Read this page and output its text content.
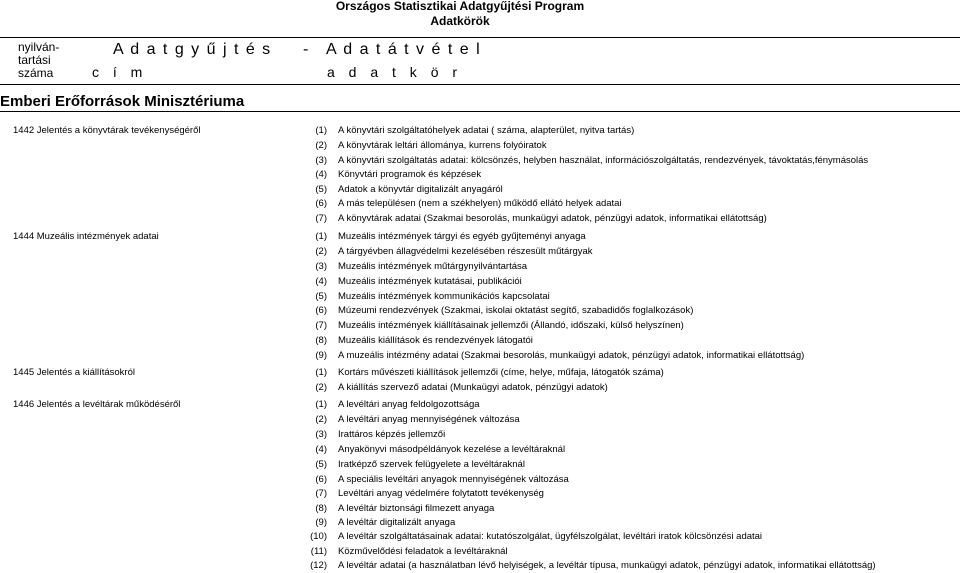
Országos Statisztikai Adatgyűjtési Program
Adatkörök
nyilván-
tartási
száma
A d a t g y ű j t é s - A d a t á t v é t e l
c í m	a d a t k ö r
Emberi Erőforrások Minisztériuma
1442 Jelentés a könyvtárak tevékenységéről	(1) A könyvtári szolgáltatóhelyek adatai ( száma, alapterület, nyitva tartás)
(2) A könyvtárak leltári állománya, kurrens folyóiratok
(3) A könyvtári szolgáltatás adatai: kölcsönzés, helyben használat, információszolgáltatás, rendezvények, távoktatás,fénymásolás
(4) Könyvtári programok és képzések
(5) Adatok a könyvtár digitalizált anyagáról
(6) A más településen (nem a székhelyen) működő ellátó helyek adatai
(7) A könyvtárak adatai (Szakmai besorolás, munkaügyi adatok, pénzügyi adatok, informatikai ellátottság)
1444 Muzeális intézmények adatai	(1) Muzeális intézmények tárgyi és egyéb gyűjteményi anyaga
(2) A tárgyévben állagvédelmi kezelésében részesült műtárgyak
(3) Muzeális intézmények műtárgynyilvántartása
(4) Muzeális intézmények kutatásai, publikációi
(5) Muzeális intézmények kommunikációs kapcsolatai
(6) Múzeumi rendezvények (Szakmai, iskolai oktatást segítő, szabadidős foglalkozások)
(7) Muzeális intézmények kiállításainak jellemzői (Állandó, időszaki, külső helyszínen)
(8) Muzeális kiállítások és rendezvények látogatói
(9) A muzeális intézmény adatai (Szakmai besorolás, munkaügyi adatok, pénzügyi adatok, informatikai ellátottság)
1445 Jelentés a kiállításokról	(1) Kortárs művészeti kiállítások jellemzői (címe, helye, műfaja, látogatók száma)
(2) A kiállítás szervező adatai (Munkaügyi adatok, pénzügyi adatok)
1446 Jelentés a levéltárak működéséről	(1) A levéltári anyag feldolgozottsága
(2) A levéltári anyag mennyiségének változása
(3) Irattáros képzés jellemzői
(4) Anyakönyvi másodpéldányok kezelése a levéltáraknál
(5) Iratképző szervek felügyelete a levéltáraknál
(6) A speciális levéltári anyagok mennyiségének változása
(7) Levéltári anyag védelmére folytatott tevékenység
(8) A levéltár biztonsági filmezett anyaga
(9) A levéltár digitalizált anyaga
(10) A levéltár szolgáltatásainak adatai: kutatószolgálat, ügyfélszolgálat, levéltári iratok kölcsönzési adatai
(11) Közművelődési feladatok a levéltáraknál
(12) A levéltár adatai (a használatban lévő helyiségek, a levéltár típusa, munkaügyi adatok, pénzügyi adatok, informatikai ellátottság)
